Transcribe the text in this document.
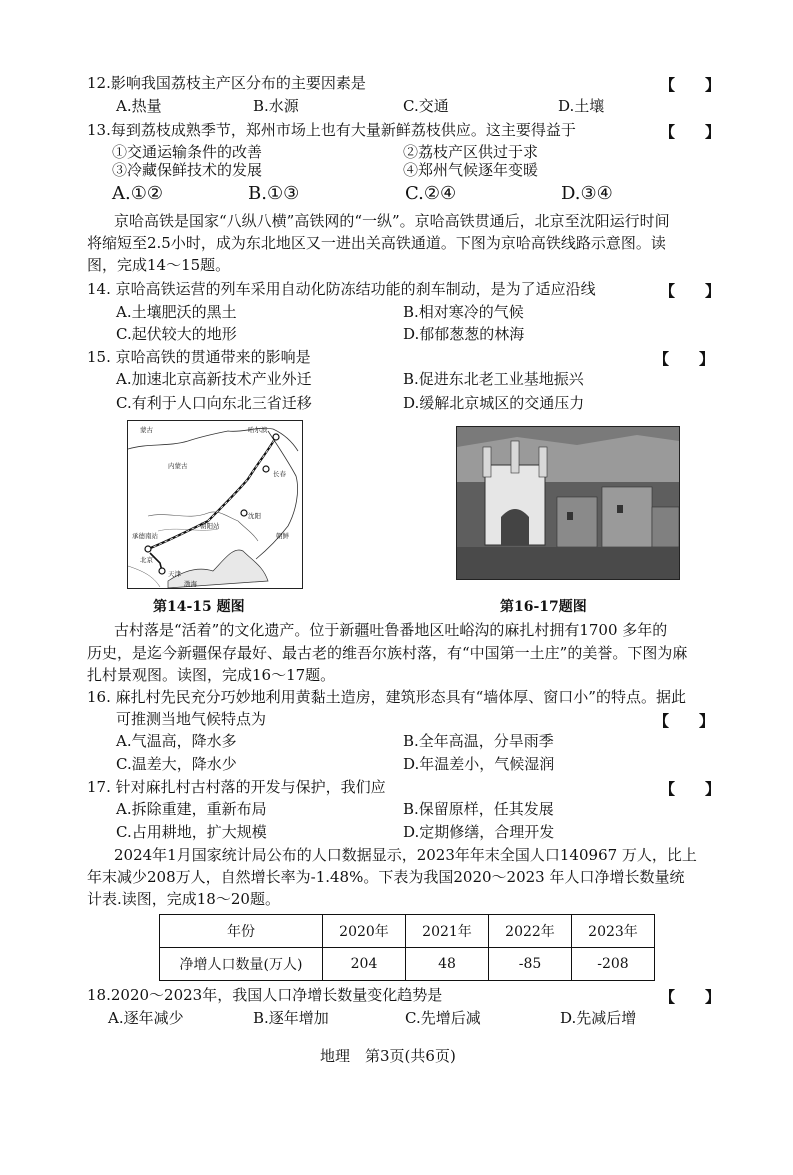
12.影响我国荔枝主产区分布的主要因素是	【　　】
A.热量	B.水源	C.交通	D.土壤
13.每到荔枝成熟季节，郑州市场上也有大量新鲜荔枝供应。这主要得益于	【　　】
①交通运输条件的改善	②荔枝产区供过于求
③冷藏保鲜技术的发展	④郑州气候逐年变暖
A.①②	B.①③	C.②④	D.③④
京哈高铁是国家“八纵八横”高铁网的“一纵”。京哈高铁贯通后，北京至沈阳运行时间
将缩短至2.5小时，成为东北地区又一进出关高铁通道。下图为京哈高铁线路示意图。读
图，完成14～15题。
14. 京哈高铁运营的列车采用自动化防冻结功能的刹车制动，是为了适应沿线	【　　】
A.土壤肥沃的黑土	B.相对寒冷的气候
C.起伏较大的地形	D.郁郁葱葱的林海
15. 京哈高铁的贯通带来的影响是	【　　】
A.加速北京高新技术产业外迁	B.促进东北老工业基地振兴
C.有利于人口向东北三省迁移	D.缓解北京城区的交通压力
蒙古	哈尔滨
内蒙古
长春
沈阳
承德南站
朝阳站
朝鲜
北京
天津
渤海
第14-15 题图	第16-17题图
古村落是“活着”的文化遗产。位于新疆吐鲁番地区吐峪沟的麻扎村拥有1700 多年的
历史，是迄今新疆保存最好、最古老的维吾尔族村落，有“中国第一土庄”的美誉。下图为麻
扎村景观图。读图，完成16～17题。
16. 麻扎村先民充分巧妙地利用黄黏土造房，建筑形态具有“墙体厚、窗口小”的特点。据此
可推测当地气候特点为	【　　】
A.气温高，降水多	B.全年高温，分旱雨季
C.温差大，降水少	D.年温差小，气候湿润
17. 针对麻扎村古村落的开发与保护，我们应	【　　】
A.拆除重建，重新布局	B.保留原样，任其发展
C.占用耕地，扩大规模	D.定期修缮，合理开发
2024年1月国家统计局公布的人口数据显示，2023年年末全国人口140967 万人，比上
年末减少208万人，自然增长率为-1.48%。下表为我国2020～2023 年人口净增长数量统
计表.读图，完成18～20题。
年份	2020年	2021年	2022年	2023年
净增人口数量(万人)	204	48	-85	-208
18.2020～2023年，我国人口净增长数量变化趋势是	【　　】
A.逐年减少	B.逐年增加	C.先增后减	D.先减后增
地理　第3页(共6页)
